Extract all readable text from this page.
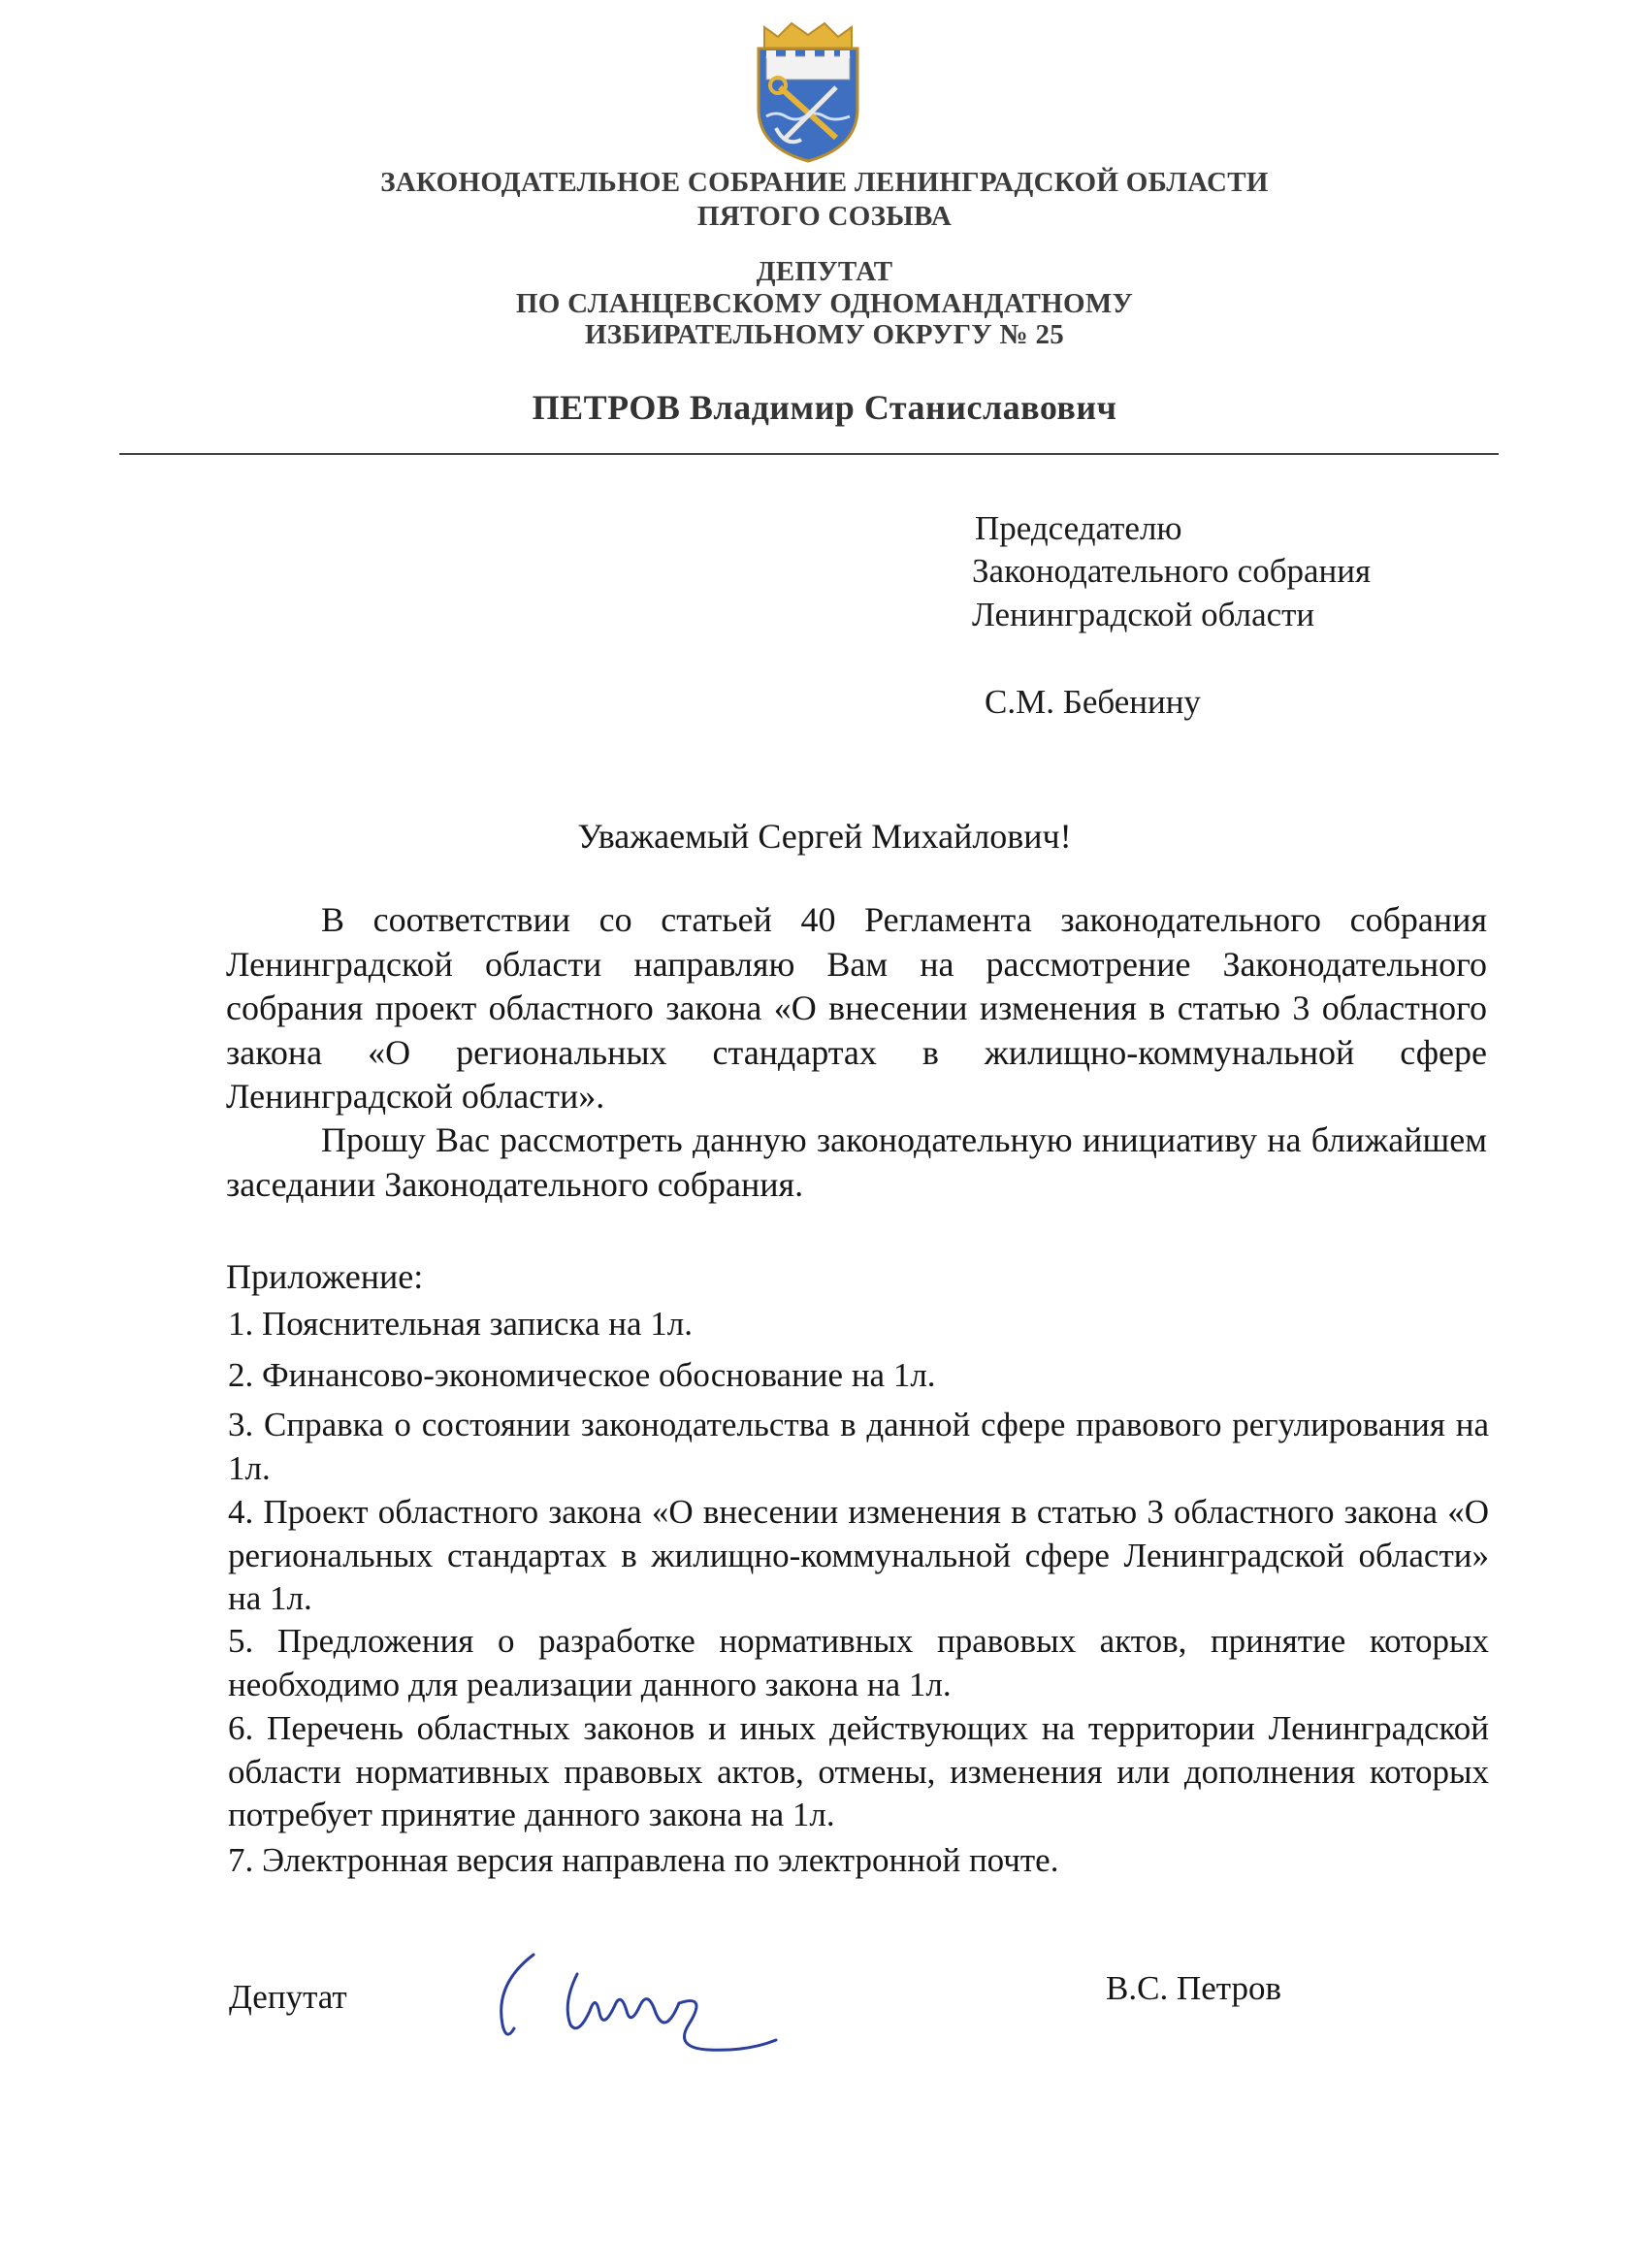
ЗАКОНОДАТЕЛЬНОЕ СОБРАНИЕ ЛЕНИНГРАДСКОЙ ОБЛАСТИ
ПЯТОГО СОЗЫВА
ДЕПУТАТ
ПО СЛАНЦЕВСКОМУ ОДНОМАНДАТНОМУ
ИЗБИРАТЕЛЬНОМУ ОКРУГУ № 25
ПЕТРОВ Владимир Станиславович
Председателю
Законодательного собрания
Ленинградской области
С.М. Бебенину
Уважаемый Сергей Михайлович!
В соответствии со статьей 40 Регламента законодательного собрания Ленинградской области направляю Вам на рассмотрение Законодательного собрания проект областного закона «О внесении изменения в статью 3 областного закона «О региональных стандартах в жилищно-коммунальной сфере Ленинградской области».
Прошу Вас рассмотреть данную законодательную инициативу на ближайшем заседании Законодательного собрания.
Приложение:
1. Пояснительная записка на 1л.
2. Финансово-экономическое обоснование на 1л.
3. Справка о состоянии законодательства в данной сфере правового регулирования на 1л.
4. Проект областного закона «О внесении изменения в статью 3 областного закона «О региональных стандартах в жилищно-коммунальной сфере Ленинградской области» на 1л.
5. Предложения о разработке нормативных правовых актов, принятие которых необходимо для реализации данного закона на 1л.
6. Перечень областных законов и иных действующих на территории Ленинградской области нормативных правовых актов, отмены, изменения или дополнения которых потребует принятие данного закона на 1л.
7. Электронная версия направлена по электронной почте.
Депутат	В.С. Петров
